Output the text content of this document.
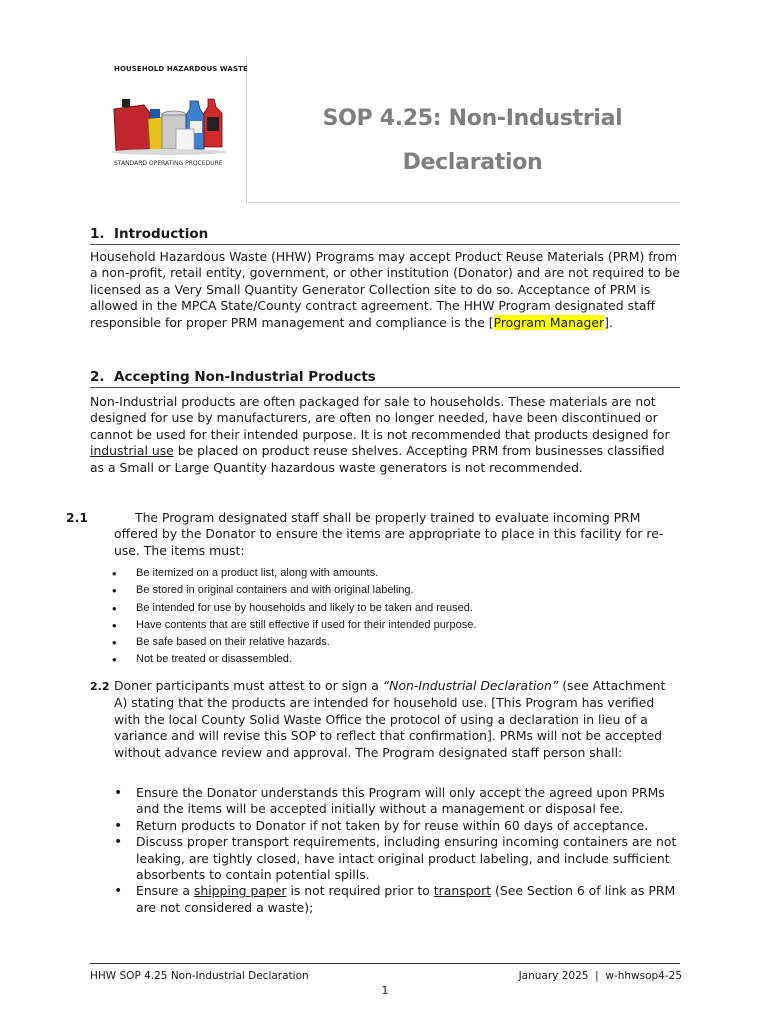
HOUSEHOLD HAZARDOUS WASTE
STANDARD OPERATING PROCEDURE
SOP 4.25: Non-Industrial
Declaration
1. Introduction
Household Hazardous Waste (HHW) Programs may accept Product Reuse Materials (PRM) from a non-profit, retail entity, government, or other institution (Donator) and are not required to be licensed as a Very Small Quantity Generator Collection site to do so. Acceptance of PRM is allowed in the MPCA State/County contract agreement. The HHW Program designated staff responsible for proper PRM management and compliance is the [Program Manager].
2. Accepting Non-Industrial Products
Non-Industrial products are often packaged for sale to households. These materials are not designed for use by manufacturers, are often no longer needed, have been discontinued or cannot be used for their intended purpose. It is not recommended that products designed for industrial use be placed on product reuse shelves. Accepting PRM from businesses classified as a Small or Large Quantity hazardous waste generators is not recommended.
2.1	The Program designated staff shall be properly trained to evaluate incoming PRM offered by the Donator to ensure the items are appropriate to place in this facility for re-use. The items must:
• Be itemized on a product list, along with amounts.
• Be stored in original containers and with original labeling.
• Be intended for use by households and likely to be taken and reused.
• Have contents that are still effective if used for their intended purpose.
• Be safe based on their relative hazards.
• Not be treated or disassembled.
2.2 Doner participants must attest to or sign a “Non-Industrial Declaration” (see Attachment A) stating that the products are intended for household use. [This Program has verified with the local County Solid Waste Office the protocol of using a declaration in lieu of a variance and will revise this SOP to reflect that confirmation]. PRMs will not be accepted without advance review and approval. The Program designated staff person shall:
• Ensure the Donator understands this Program will only accept the agreed upon PRMs and the items will be accepted initially without a management or disposal fee.
• Return products to Donator if not taken by for reuse within 60 days of acceptance.
• Discuss proper transport requirements, including ensuring incoming containers are not leaking, are tightly closed, have intact original product labeling, and include sufficient absorbents to contain potential spills.
• Ensure a shipping paper is not required prior to transport (See Section 6 of link as PRM are not considered a waste);
HHW SOP 4.25 Non-Industrial Declaration	January 2025  |  w-hhwsop4-25
1
